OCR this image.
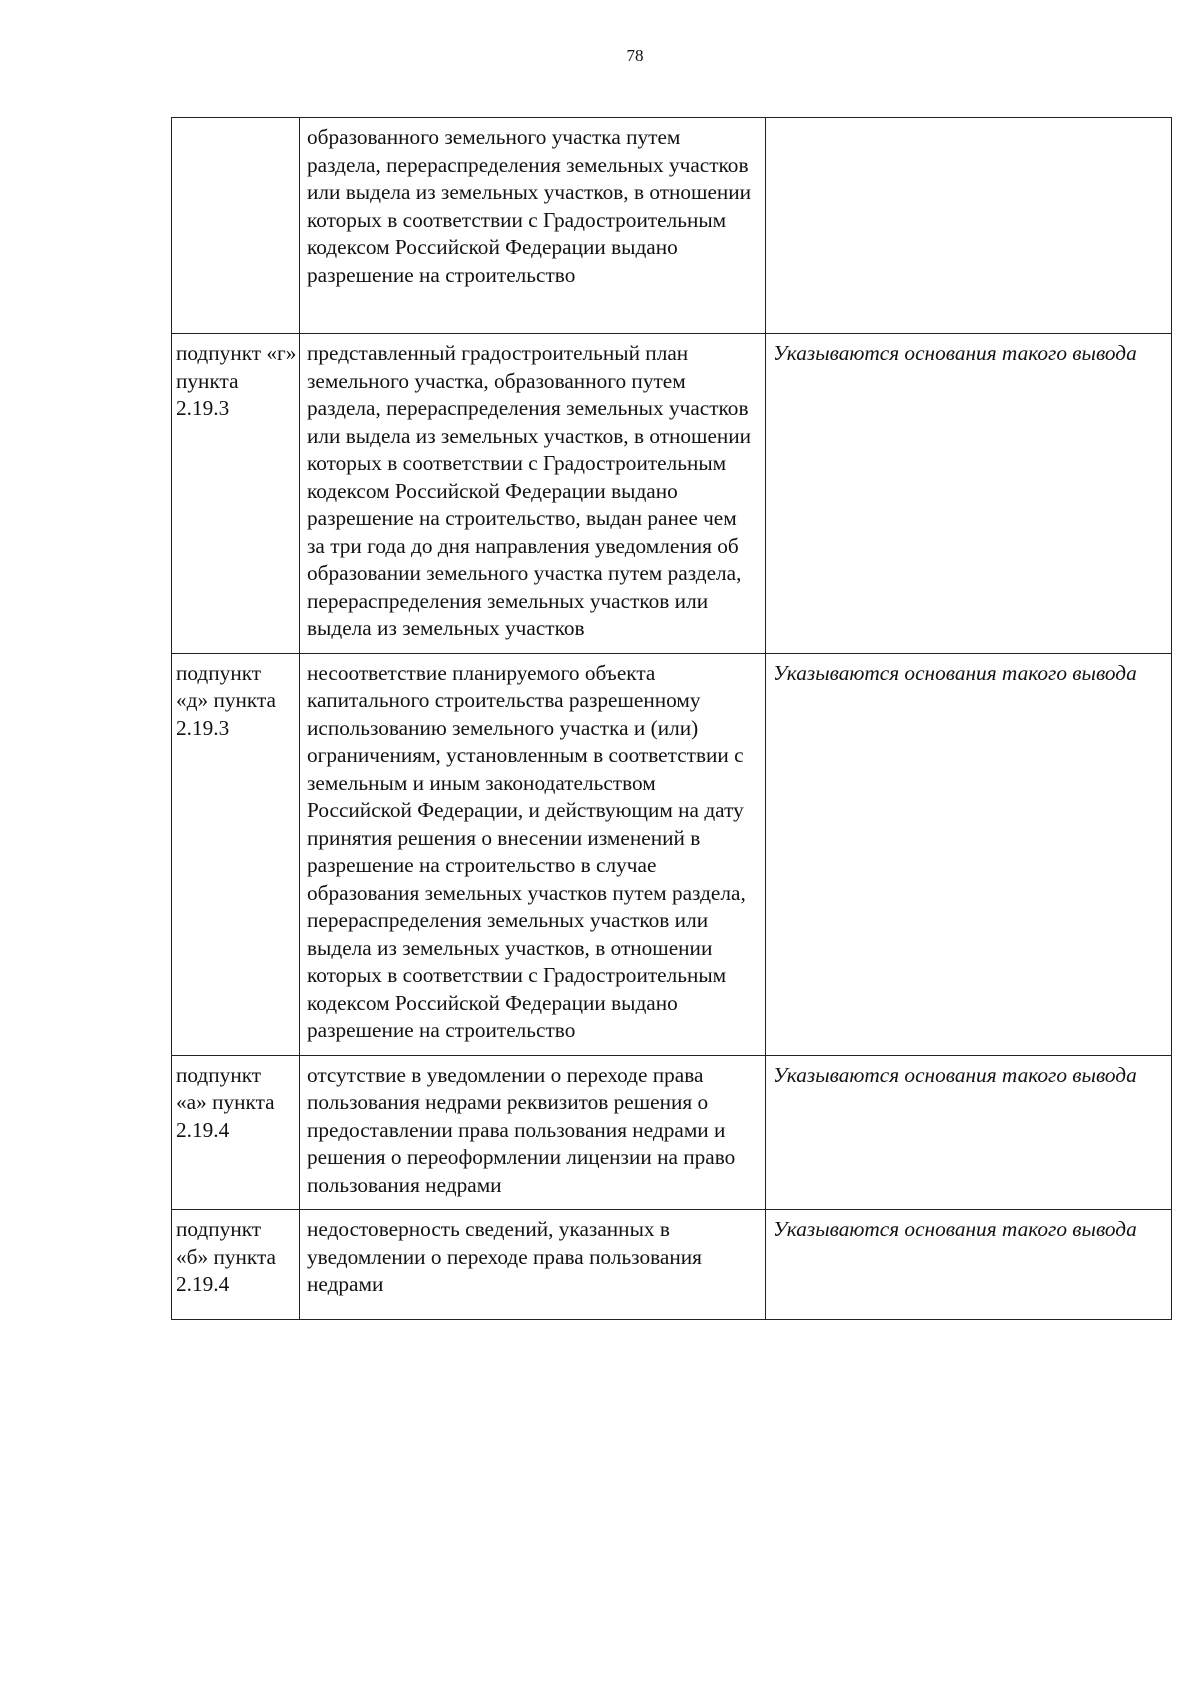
78
	образованного земельного участка путем раздела, перераспределения земельных участков или выдела из земельных участков, в отношении которых в соответствии с Градостроительным кодексом Российской Федерации выдано разрешение на строительство	
подпункт «г» пункта 2.19.3	представленный градостроительный план земельного участка, образованного путем раздела, перераспределения земельных участков или выдела из земельных участков, в отношении которых в соответствии с Градостроительным кодексом Российской Федерации выдано разрешение на строительство, выдан ранее чем за три года до дня направления уведомления об образовании земельного участка путем раздела, перераспределения земельных участков или выдела из земельных участков	Указываются основания такого вывода
подпункт «д» пункта 2.19.3	несоответствие планируемого объекта капитального строительства разрешенному использованию земельного участка и (или) ограничениям, установленным в соответствии с земельным и иным законодательством Российской Федерации, и действующим на дату принятия решения о внесении изменений в разрешение на строительство в случае образования земельных участков путем раздела, перераспределения земельных участков или выдела из земельных участков, в отношении которых в соответствии с Градостроительным кодексом Российской Федерации выдано разрешение на строительство	Указываются основания такого вывода
подпункт «а» пункта 2.19.4	отсутствие в уведомлении о переходе права пользования недрами реквизитов решения о предоставлении права пользования недрами и решения о переоформлении лицензии на право пользования недрами	Указываются основания такого вывода
подпункт «б» пункта 2.19.4	недостоверность сведений, указанных в уведомлении о переходе права пользования недрами	Указываются основания такого вывода
